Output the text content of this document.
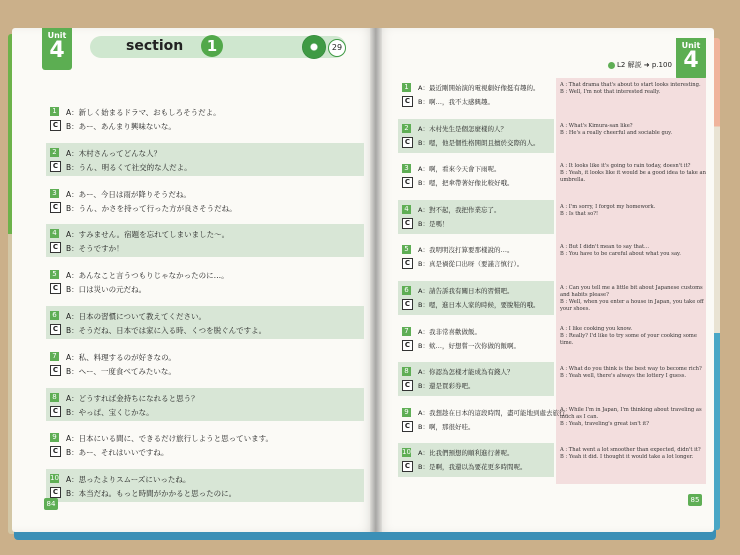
Unit
4	section	1	29
1
C
A：新しく始まるドラマ、おもしろそうだよ。
B：あー、あんまり興味ないな。
2
C
A：木村さんってどんな人？
B：うん、明るくて社交的な人だよ。
3
C
A：あー、今日は雨が降りそうだね。
B：うん、かさを持って行った方が良さそうだね。
4
C
A：すみません。宿題を忘れてしまいました～。
B：そうですか！
5
C
A：あんなこと言うつもりじゃなかったのに…。
B：口は災いの元だね。
6
C
A：日本の習慣について教えてください。
B：そうだね、日本では家に入る時、くつを脱ぐんですよ。
7
C
A：私、料理するのが好きなの。
B：へー、一度食べてみたいな。
8
C
A：どうすれば金持ちになれると思う？
B：やっぱ、宝くじかな。
9
C
A：日本にいる間に、できるだけ旅行しようと思っています。
B：あー、それはいいですね。
10
C
A：思ったよりスムーズにいったね。
B：本当だね。もっと時間がかかると思ったのに。
84
Unit
4
L2 解説 ➜ p.100
1
C
A：最近剛開始演的電視劇好像挺有趣的。
B：啊…，我不太感興趣。
A : That drama that's about to start looks interesting.
B : Well, I'm not that interested really.
2
C
A：木村先生是個怎麼樣的人？
B：嗯，他是個性格開朗且擅於交際的人。
A : What's Kimura-san like?
B : He's a really cheerful and sociable guy.
3
C
A：啊，看來今天會下雨呢。
B：嗯，把傘帶著好像比較好哦。
A : It looks like it's going to rain today, doesn't it?
B : Yeah, it looks like it would be a good idea to take an umbrella.
4
C
A：對不起，我把作業忘了。
B：是嗎！
A : I'm sorry, I forgot my homework.
B : Is that so?!
5
C
A：我明明沒打算要那樣說的…。
B：真是禍從口出呀（要謹言慎行）。
A : But I didn't mean to say that...
B : You have to be careful about what you say.
6
C
A：請告訴我有關日本的習慣吧。
B：嗯，進日本人家的時候，要脫鞋的哦。
A : Can you tell me a little bit about Japanese customs and habits please?
B : Well, when you enter a house in Japan, you take off your shoes.
7
C
A：我非常喜歡做飯。
B：欸…，好想嘗一次你做的飯啊。
A : I like cooking you know.
B : Really? I'd like to try some of your cooking some time.
8
C
A：你認為怎樣才能成為有錢人？
B：還是買彩券吧。
A : What do you think is the best way to become rich?
B : Yeah well, there's always the lottery I guess.
9
C
A：我想趁在日本的這段時間，盡可能地到處去旅行。
B：啊，那很好哇。
A : While I'm in Japan, I'm thinking about traveling as much as I can.
B : Yeah, traveling's great isn't it?
10
C
A：比我們預想的順利進行著呢。
B：是啊，我還以為要花更多時間呢。
A : That went a lot smoother than expected, didn't it?
B : Yeah it did. I thought it would take a lot longer.
85
